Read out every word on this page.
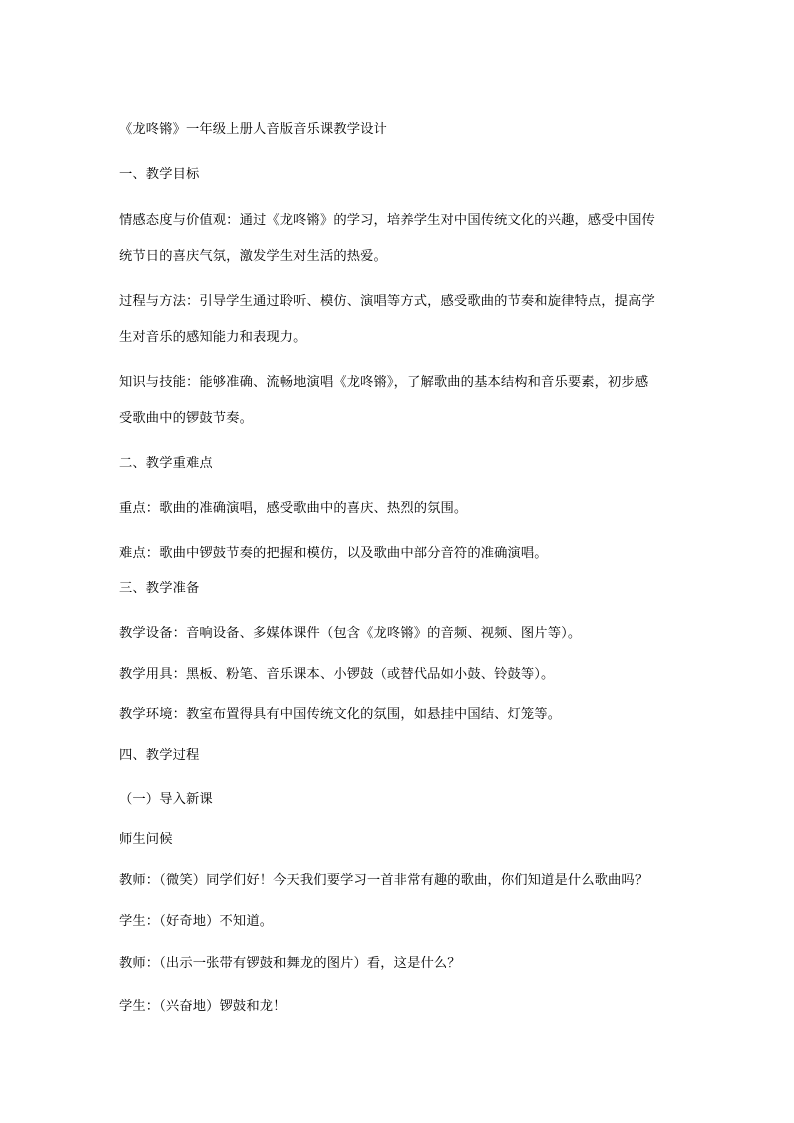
《龙咚锵》一年级上册人音版音乐课教学设计
一、教学目标
情感态度与价值观：通过《龙咚锵》的学习，培养学生对中国传统文化的兴趣，感受中国传
统节日的喜庆气氛，激发学生对生活的热爱。
过程与方法：引导学生通过聆听、模仿、演唱等方式，感受歌曲的节奏和旋律特点，提高学
生对音乐的感知能力和表现力。
知识与技能：能够准确、流畅地演唱《龙咚锵》，了解歌曲的基本结构和音乐要素，初步感
受歌曲中的锣鼓节奏。
二、教学重难点
重点：歌曲的准确演唱，感受歌曲中的喜庆、热烈的氛围。
难点：歌曲中锣鼓节奏的把握和模仿，以及歌曲中部分音符的准确演唱。
三、教学准备
教学设备：音响设备、多媒体课件（包含《龙咚锵》的音频、视频、图片等）。
教学用具：黑板、粉笔、音乐课本、小锣鼓（或替代品如小鼓、铃鼓等）。
教学环境：教室布置得具有中国传统文化的氛围，如悬挂中国结、灯笼等。
四、教学过程
（一）导入新课
师生问候
教师：（微笑）同学们好！今天我们要学习一首非常有趣的歌曲，你们知道是什么歌曲吗？
学生：（好奇地）不知道。
教师：（出示一张带有锣鼓和舞龙的图片）看，这是什么？
学生：（兴奋地）锣鼓和龙！
